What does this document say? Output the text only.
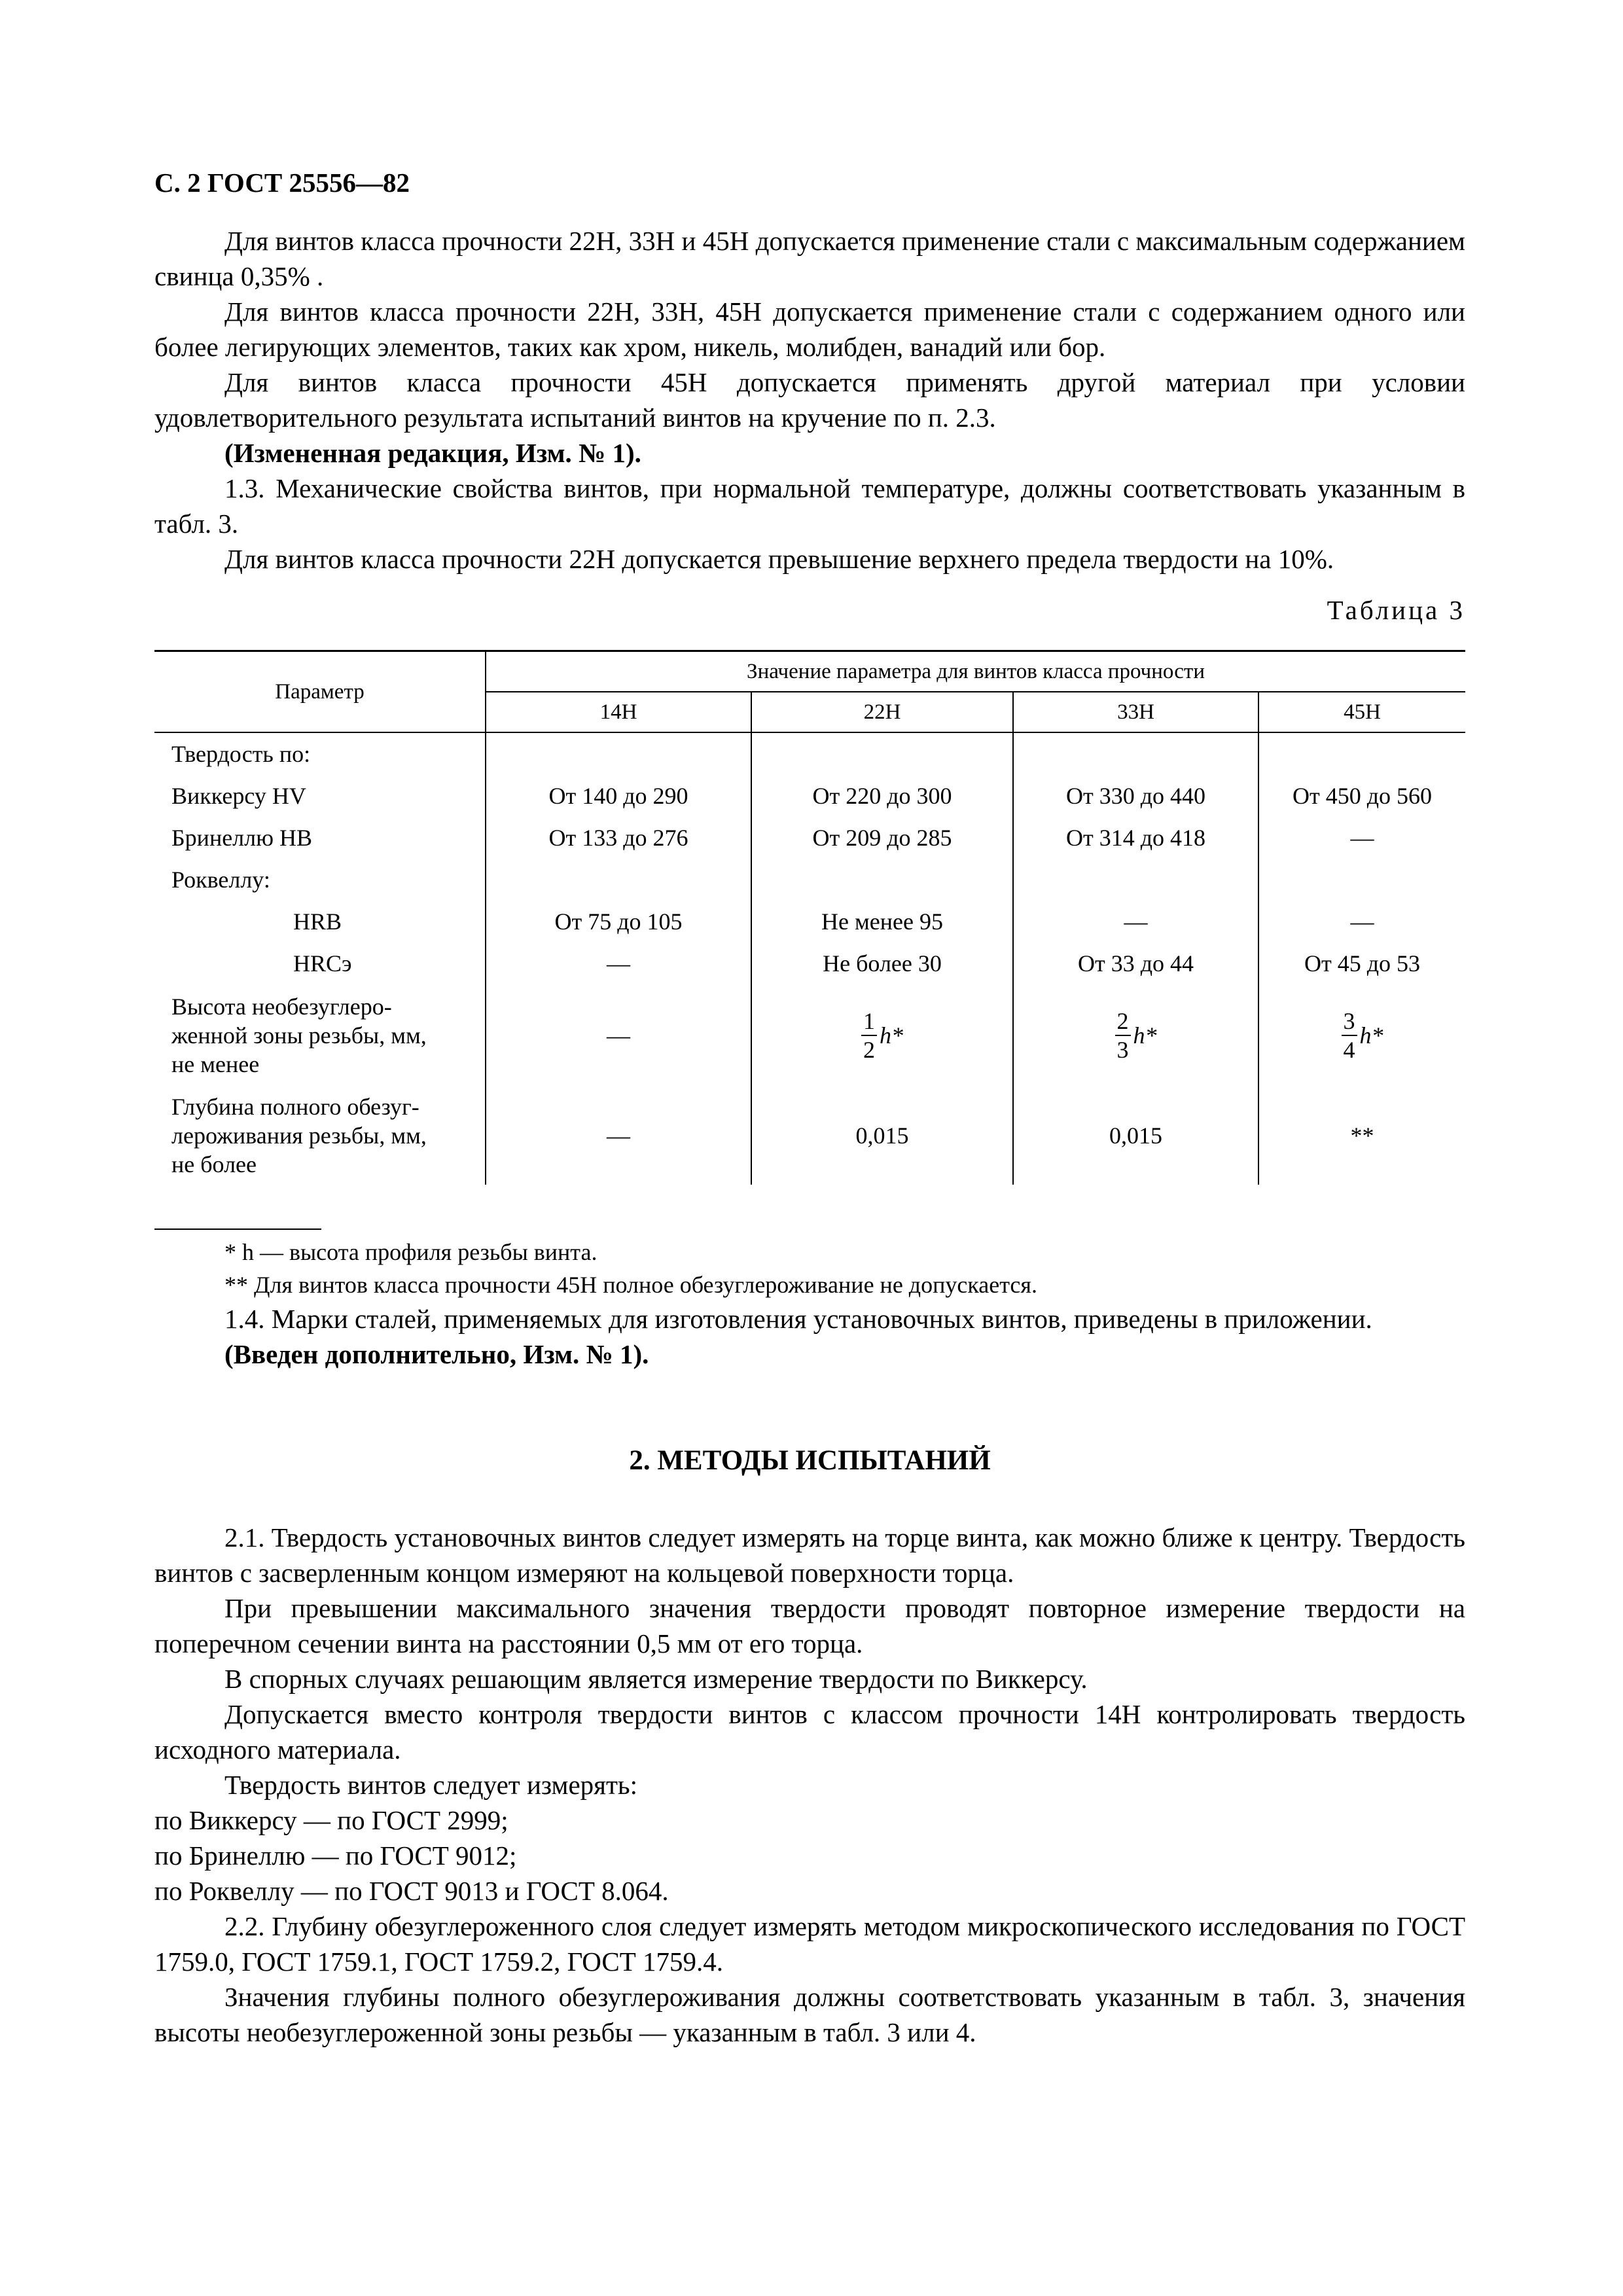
С. 2 ГОСТ 25556—82

Для винтов класса прочности 22Н, 33Н и 45Н допускается применение стали с максимальным содержанием свинца 0,35% .

Для винтов класса прочности 22Н, 33Н, 45Н допускается применение стали с содержанием одного или более легирующих элементов, таких как хром, никель, молибден, ванадий или бор.

Для винтов класса прочности 45Н допускается применять другой материал при условии удовлетворительного результата испытаний винтов на кручение по п. 2.3.

(Измененная редакция, Изм. № 1).

1.3. Механические свойства винтов, при нормальной температуре, должны соответствовать указанным в табл. 3.

Для винтов класса прочности 22Н допускается превышение верхнего предела твердости на 10%.

Таблица 3
Параметр	Значение параметра для винтов класса прочности			
	14Н	22Н	33Н	45Н
Твердость по:				
Виккерсу HV	От 140 до 290	От 220 до 300	От 330 до 440	От 450 до 560
Бринеллю НВ	От 133 до 276	От 209 до 285	От 314 до 418	—
Роквеллу:				
HRB	От 75 до 105	Не менее 95	—	—
HRCэ	—	Не более 30	От 33 до 44	От 45 до 53
Высота необезуглеро-
женной зоны резьбы, мм,
не менее	—	$\frac{1}{2} h*$	$\frac{2}{3} h*$	$\frac{3}{4} h*$

Глубина полного обезуг-
лероживания резьбы, мм,
не более	—	0,015	0,015	**

* h — высота профиля резьбы винта.

** Для винтов класса прочности 45Н полное обезуглероживание не допускается.

1.4. Марки сталей, применяемых для изготовления установочных винтов, приведены в приложении.

(Введен дополнительно, Изм. № 1).

2. МЕТОДЫ ИСПЫТАНИЙ

2.1. Твердость установочных винтов следует измерять на торце винта, как можно ближе к центру. Твердость винтов с засверленным концом измеряют на кольцевой поверхности торца.

При превышении максимального значения твердости проводят повторное измерение твердости на поперечном сечении винта на расстоянии 0,5 мм от его торца.

В спорных случаях решающим является измерение твердости по Виккерсу.

Допускается вместо контроля твердости винтов с классом прочности 14Н контролировать твердость исходного материала.

Твердость винтов следует измерять:

по Виккерсу — по ГОСТ 2999;

по Бринеллю — по ГОСТ 9012;

по Роквеллу — по ГОСТ 9013 и ГОСТ 8.064.

2.2. Глубину обезуглероженного слоя следует измерять методом микроскопического исследования по ГОСТ 1759.0, ГОСТ 1759.1, ГОСТ 1759.2, ГОСТ 1759.4.

Значения глубины полного обезуглероживания должны соответствовать указанным в табл. 3, значения высоты необезуглероженной зоны резьбы — указанным в табл. 3 или 4.
